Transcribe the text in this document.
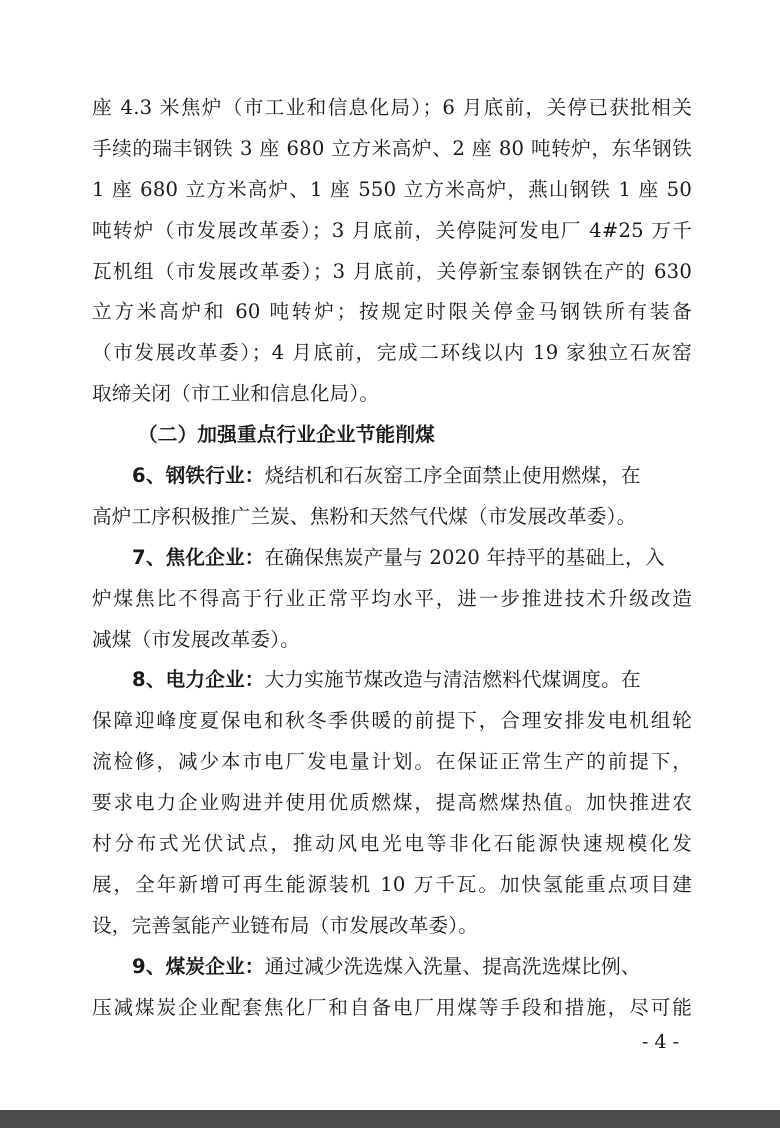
座 4.3 米焦炉（市工业和信息化局）；6 月底前，关停已获批相关
手续的瑞丰钢铁 3 座 680 立方米高炉、2 座 80 吨转炉，东华钢铁
1 座 680 立方米高炉、1 座 550 立方米高炉，燕山钢铁 1 座 50
吨转炉（市发展改革委）；3 月底前，关停陡河发电厂 4#25 万千
瓦机组（市发展改革委）；3 月底前，关停新宝泰钢铁在产的 630
立方米高炉和 60 吨转炉；按规定时限关停金马钢铁所有装备
（市发展改革委）；4 月底前，完成二环线以内 19 家独立石灰窑
取缔关闭（市工业和信息化局）。
（二）加强重点行业企业节能削煤
6、钢铁行业：烧结机和石灰窑工序全面禁止使用燃煤，在
高炉工序积极推广兰炭、焦粉和天然气代煤（市发展改革委）。
7、焦化企业：在确保焦炭产量与 2020 年持平的基础上，入
炉煤焦比不得高于行业正常平均水平，进一步推进技术升级改造
减煤（市发展改革委）。
8、电力企业：大力实施节煤改造与清洁燃料代煤调度。在
保障迎峰度夏保电和秋冬季供暖的前提下，合理安排发电机组轮
流检修，减少本市电厂发电量计划。在保证正常生产的前提下，
要求电力企业购进并使用优质燃煤，提高燃煤热值。加快推进农
村分布式光伏试点，推动风电光电等非化石能源快速规模化发
展，全年新增可再生能源装机 10 万千瓦。加快氢能重点项目建
设，完善氢能产业链布局（市发展改革委）。
9、煤炭企业：通过减少洗选煤入洗量、提高洗选煤比例、
压减煤炭企业配套焦化厂和自备电厂用煤等手段和措施，尽可能
- 4 -
